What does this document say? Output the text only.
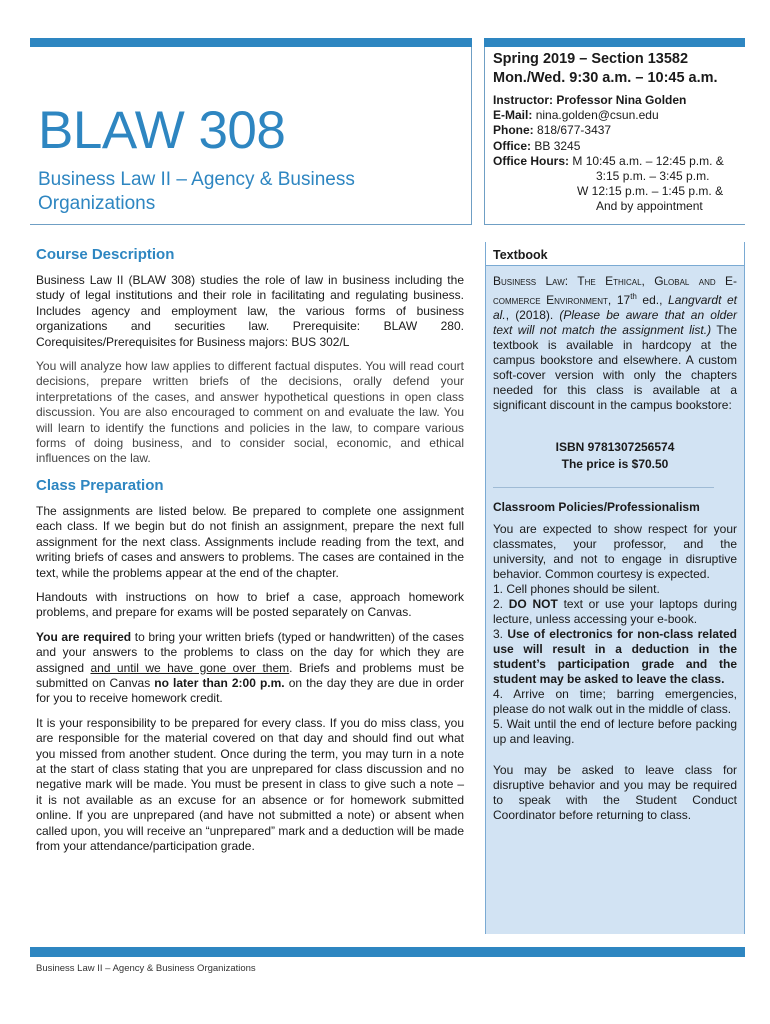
BLAW 308
Business Law II – Agency & Business Organizations
Spring 2019 – Section 13582
Mon./Wed. 9:30 a.m. – 10:45 a.m.
Instructor: Professor Nina Golden
E-Mail: nina.golden@csun.edu
Phone: 818/677-3437
Office: BB 3245
Office Hours: M 10:45 a.m. – 12:45 p.m. &
3:15 p.m. – 3:45 p.m.
W 12:15 p.m. – 1:45 p.m. &
And by appointment
Course Description

Business Law II (BLAW 308) studies the role of law in business including the study of legal institutions and their role in facilitating and regulating business. Includes agency and employment law, the various forms of business organizations and securities law. Prerequisite: BLAW 280. Corequisites/Prerequisites for Business majors: BUS 302/L

You will analyze how law applies to different factual disputes. You will read court decisions, prepare written briefs of the decisions, orally defend your interpretations of the cases, and answer hypothetical questions in open class discussion. You are also encouraged to comment on and evaluate the law. You will learn to identify the functions and policies in the law, to compare various forms of doing business, and to consider social, economic, and ethical influences on the law.

Class Preparation

The assignments are listed below. Be prepared to complete one assignment each class. If we begin but do not finish an assignment, prepare the next full assignment for the next class. Assignments include reading from the text, and writing briefs of cases and answers to problems. The cases are contained in the text, while the problems appear at the end of the chapter.

Handouts with instructions on how to brief a case, approach homework problems, and prepare for exams will be posted separately on Canvas.

You are required to bring your written briefs (typed or handwritten) of the cases and your answers to the problems to class on the day for which they are assigned and until we have gone over them. Briefs and problems must be submitted on Canvas no later than 2:00 p.m. on the day they are due in order for you to receive homework credit.

It is your responsibility to be prepared for every class. If you do miss class, you are responsible for the material covered on that day and should find out what you missed from another student. Once during the term, you may turn in a note at the start of class stating that you are unprepared for class discussion and no negative mark will be made. You must be present in class to give such a note – it is not available as an excuse for an absence or for homework submitted online. If you are unprepared (and have not submitted a note) or absent when called upon, you will receive an “unprepared” mark and a deduction will be made from your attendance/participation grade.

Textbook

Business Law: The Ethical, Global and E-commerce Environment, 17th ed., Langvardt et al., (2018). (Please be aware that an older text will not match the assignment list.) The textbook is available in hardcopy at the campus bookstore and elsewhere. A custom soft-cover version with only the chapters needed for this class is available at a significant discount in the campus bookstore:

ISBN 9781307256574
The price is $70.50
Classroom Policies/Professionalism

You are expected to show respect for your classmates, your professor, and the university, and not to engage in disruptive behavior. Common courtesy is expected.

1. Cell phones should be silent.

2. DO NOT text or use your laptops during lecture, unless accessing your e-book.

3. Use of electronics for non-class related use will result in a deduction in the student’s participation grade and the student may be asked to leave the class.

4. Arrive on time; barring emergencies, please do not walk out in the middle of class.

5. Wait until the end of lecture before packing up and leaving.

You may be asked to leave class for disruptive behavior and you may be required to speak with the Student Conduct Coordinator before returning to class.

Business Law II – Agency & Business Organizations
